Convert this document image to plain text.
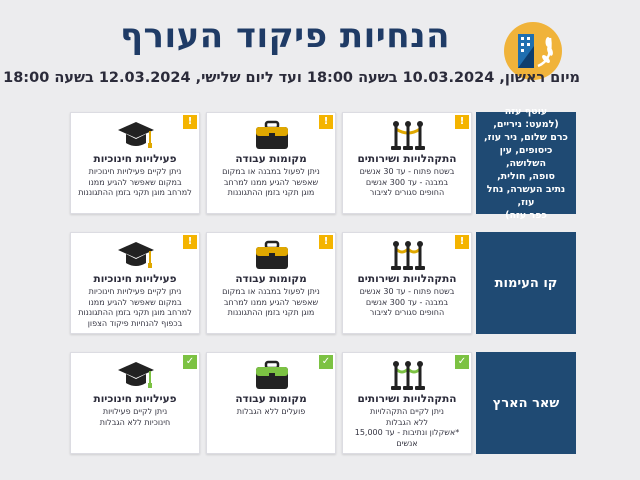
הנחיות פיקוד העורף
מיום ראשון, 10.03.2024 בשעה 18:00 ועד ליום שלישי, 12.03.2024 בשעה 18:00
עוטף עזה
(למעט: ניריים,
כרם שלום, ניר עוז,
כיסופים, עין השלושה,
סופה, חולית,
נתיב העשרה, נחל עוז,
כפר עזה)
!
התקהלויות ושירותים
בשטח פתוח - עד 30 אנשים
במבנה - עד 300 אנשים
החופים סגורים לציבור
!
מקומות עבודה
ניתן לפעול במבנה או במקום
שאפשר להגיע ממנו למרחב
מוגן תקני בזמן ההתגוננות
!
פעילויות חינוכיות
ניתן לקיים פעילויות חינוכיות
במקום שאפשר להגיע ממנו
למרחב מוגן תקני בזמן ההתגוננות
קו העימות
!
התקהלויות ושירותים
בשטח פתוח - עד 30 אנשים
במבנה - עד 300 אנשים
החופים סגורים לציבור
!
מקומות עבודה
ניתן לפעול במבנה או במקום
שאפשר להגיע ממנו למרחב
מוגן תקני בזמן ההתגוננות
!
פעילויות חינוכיות
ניתן לקיים פעילויות חינוכיות
במקום שאפשר להגיע ממנו
למרחב מוגן תקני בזמן ההתגוננות
בכפוף להנחיות פיקוד הצפון
שאר הארץ
✓
התקהלויות ושירותים
ניתן לקיים התקהלויות
ללא הגבלות
*אשקלון ונתיבות - עד 15,000
אנשים
✓
מקומות עבודה
פועלים ללא הגבלות
✓
פעילויות חינוכיות
ניתן לקיים פעילויות
חינוכיות ללא הגבלות
